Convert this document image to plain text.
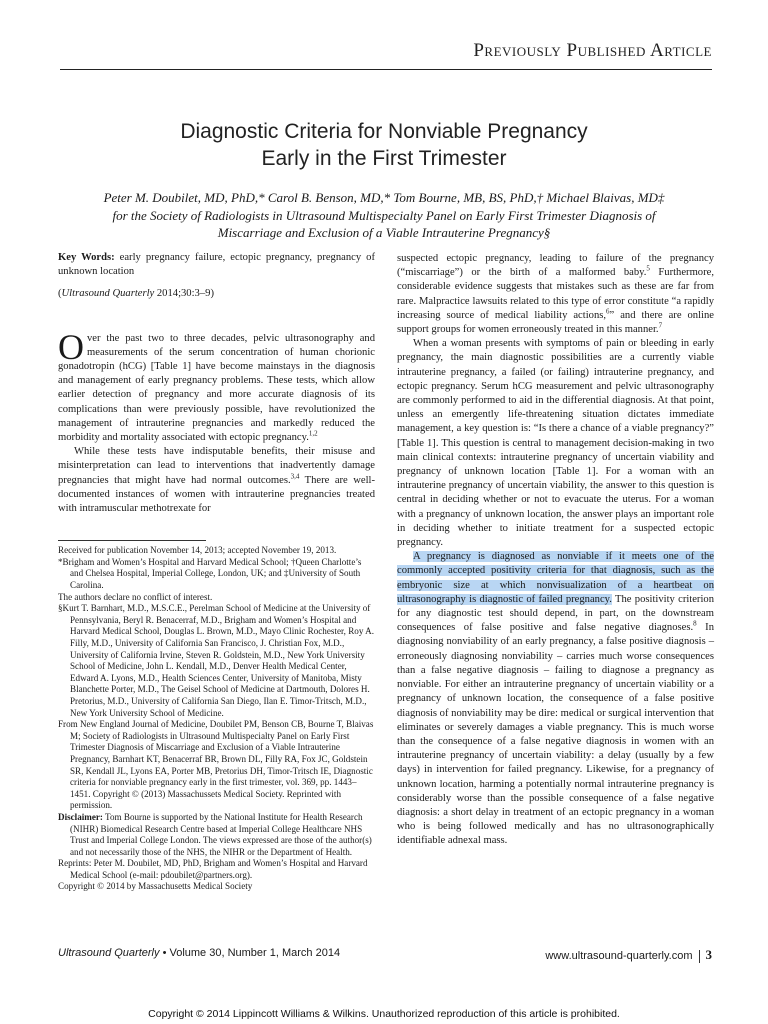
Previously Published Article
Diagnostic Criteria for Nonviable Pregnancy
Early in the First Trimester
Peter M. Doubilet, MD, PhD,* Carol B. Benson, MD,* Tom Bourne, MB, BS, PhD,† Michael Blaivas, MD‡
for the Society of Radiologists in Ultrasound Multispecialty Panel on Early First Trimester Diagnosis of
Miscarriage and Exclusion of a Viable Intrauterine Pregnancy§

Key Words: early pregnancy failure, ectopic pregnancy, pregnancy of unknown location

(Ultrasound Quarterly 2014;30:3–9)

Over the past two to three decades, pelvic ultrasonography and measurements of the serum concentration of human chorionic gonadotropin (hCG) [Table 1] have become mainstays in the diagnosis and management of early pregnancy problems. These tests, which allow earlier detection of pregnancy and more accurate diagnosis of its complications than were previously possible, have revolutionized the management of intrauterine pregnancies and markedly reduced the morbidity and mortality associated with ectopic pregnancy.$^{1,2}$

While these tests have indisputable benefits, their misuse and misinterpretation can lead to interventions that inadvertently damage pregnancies that might have had normal outcomes.$^{3,4}$ There are well-documented instances of women with intrauterine pregnancies treated with intramuscular methotrexate for

Received for publication November 14, 2013; accepted November 19, 2013.

*Brigham and Women’s Hospital and Harvard Medical School; †Queen Charlotte’s and Chelsea Hospital, Imperial College, London, UK; and ‡University of South Carolina.

The authors declare no conflict of interest.

§Kurt T. Barnhart, M.D., M.S.C.E., Perelman School of Medicine at the University of Pennsylvania, Beryl R. Benacerraf, M.D., Brigham and Women’s Hospital and Harvard Medical School, Douglas L. Brown, M.D., Mayo Clinic Rochester, Roy A. Filly, M.D., University of California San Francisco, J. Christian Fox, M.D., University of California Irvine, Steven R. Goldstein, M.D., New York University School of Medicine, John L. Kendall, M.D., Denver Health Medical Center, Edward A. Lyons, M.D., Health Sciences Center, University of Manitoba, Misty Blanchette Porter, M.D., The Geisel School of Medicine at Dartmouth, Dolores H. Pretorius, M.D., University of California San Diego, Ilan E. Timor-Tritsch, M.D., New York University School of Medicine.

From New England Journal of Medicine, Doubilet PM, Benson CB, Bourne T, Blaivas M; Society of Radiologists in Ultrasound Multispecialty Panel on Early First Trimester Diagnosis of Miscarriage and Exclusion of a Viable Intrauterine Pregnancy, Barnhart KT, Benacerraf BR, Brown DL, Filly RA, Fox JC, Goldstein SR, Kendall JL, Lyons EA, Porter MB, Pretorius DH, Timor-Tritsch IE, Diagnostic criteria for nonviable pregnancy early in the first trimester, vol. 369, pp. 1443–1451. Copyright © (2013) Massachussets Medical Society. Reprinted with permission.

Disclaimer: Tom Bourne is supported by the National Institute for Health Research (NIHR) Biomedical Research Centre based at Imperial College Healthcare NHS Trust and Imperial College London. The views expressed are those of the author(s) and not necessarily those of the NHS, the NIHR or the Department of Health.

Reprints: Peter M. Doubilet, MD, PhD, Brigham and Women’s Hospital and Harvard Medical School (e-mail: pdoubilet@partners.org).

Copyright © 2014 by Massachusetts Medical Society

suspected ectopic pregnancy, leading to failure of the pregnancy (“miscarriage”) or the birth of a malformed baby.$^5$ Furthermore, considerable evidence suggests that mistakes such as these are far from rare. Malpractice lawsuits related to this type of error constitute “a rapidly increasing source of medical liability actions,$^6$” and there are online support groups for women erroneously treated in this manner.$^7$

When a woman presents with symptoms of pain or bleeding in early pregnancy, the main diagnostic possibilities are a currently viable intrauterine pregnancy, a failed (or failing) intrauterine pregnancy, and ectopic pregnancy. Serum hCG measurement and pelvic ultrasonography are commonly performed to aid in the differential diagnosis. At that point, unless an emergently life-threatening situation dictates immediate management, a key question is: “Is there a chance of a viable pregnancy?” [Table 1]. This question is central to management decision-making in two main clinical contexts: intrauterine pregnancy of uncertain viability and pregnancy of unknown location [Table 1]. For a woman with an intrauterine pregnancy of uncertain viability, the answer to this question is central in deciding whether or not to evacuate the uterus. For a woman with a pregnancy of unknown location, the answer plays an important role in deciding whether to initiate treatment for a suspected ectopic pregnancy.

A pregnancy is diagnosed as nonviable if it meets one of the commonly accepted positivity criteria for that diagnosis, such as the embryonic size at which nonvisualization of a heartbeat on ultrasonography is diagnostic of failed pregnancy. The positivity criterion for any diagnostic test should depend, in part, on the downstream consequences of false positive and false negative diagnoses.$^8$ In diagnosing nonviability of an early pregnancy, a false positive diagnosis – erroneously diagnosing nonviability – carries much worse consequences than a false negative diagnosis – failing to diagnose a pregnancy as nonviable. For either an intrauterine pregnancy of uncertain viability or a pregnancy of unknown location, the consequence of a false positive diagnosis of nonviability may be dire: medical or surgical intervention that eliminates or severely damages a viable pregnancy. This is much worse than the consequence of a false negative diagnosis in women with an intrauterine pregnancy of uncertain viability: a delay (usually by a few days) in intervention for failed pregnancy. Likewise, for a pregnancy of unknown location, harming a potentially normal intrauterine pregnancy is considerably worse than the possible consequence of a false negative diagnosis: a short delay in treatment of an ectopic pregnancy in a woman who is being followed medically and has no ultrasonographically identifiable adnexal mass.

Ultrasound Quarterly • Volume 30, Number 1, March 2014	www.ultrasound-quarterly.com 3
Copyright © 2014 Lippincott Williams & Wilkins. Unauthorized reproduction of this article is prohibited.
